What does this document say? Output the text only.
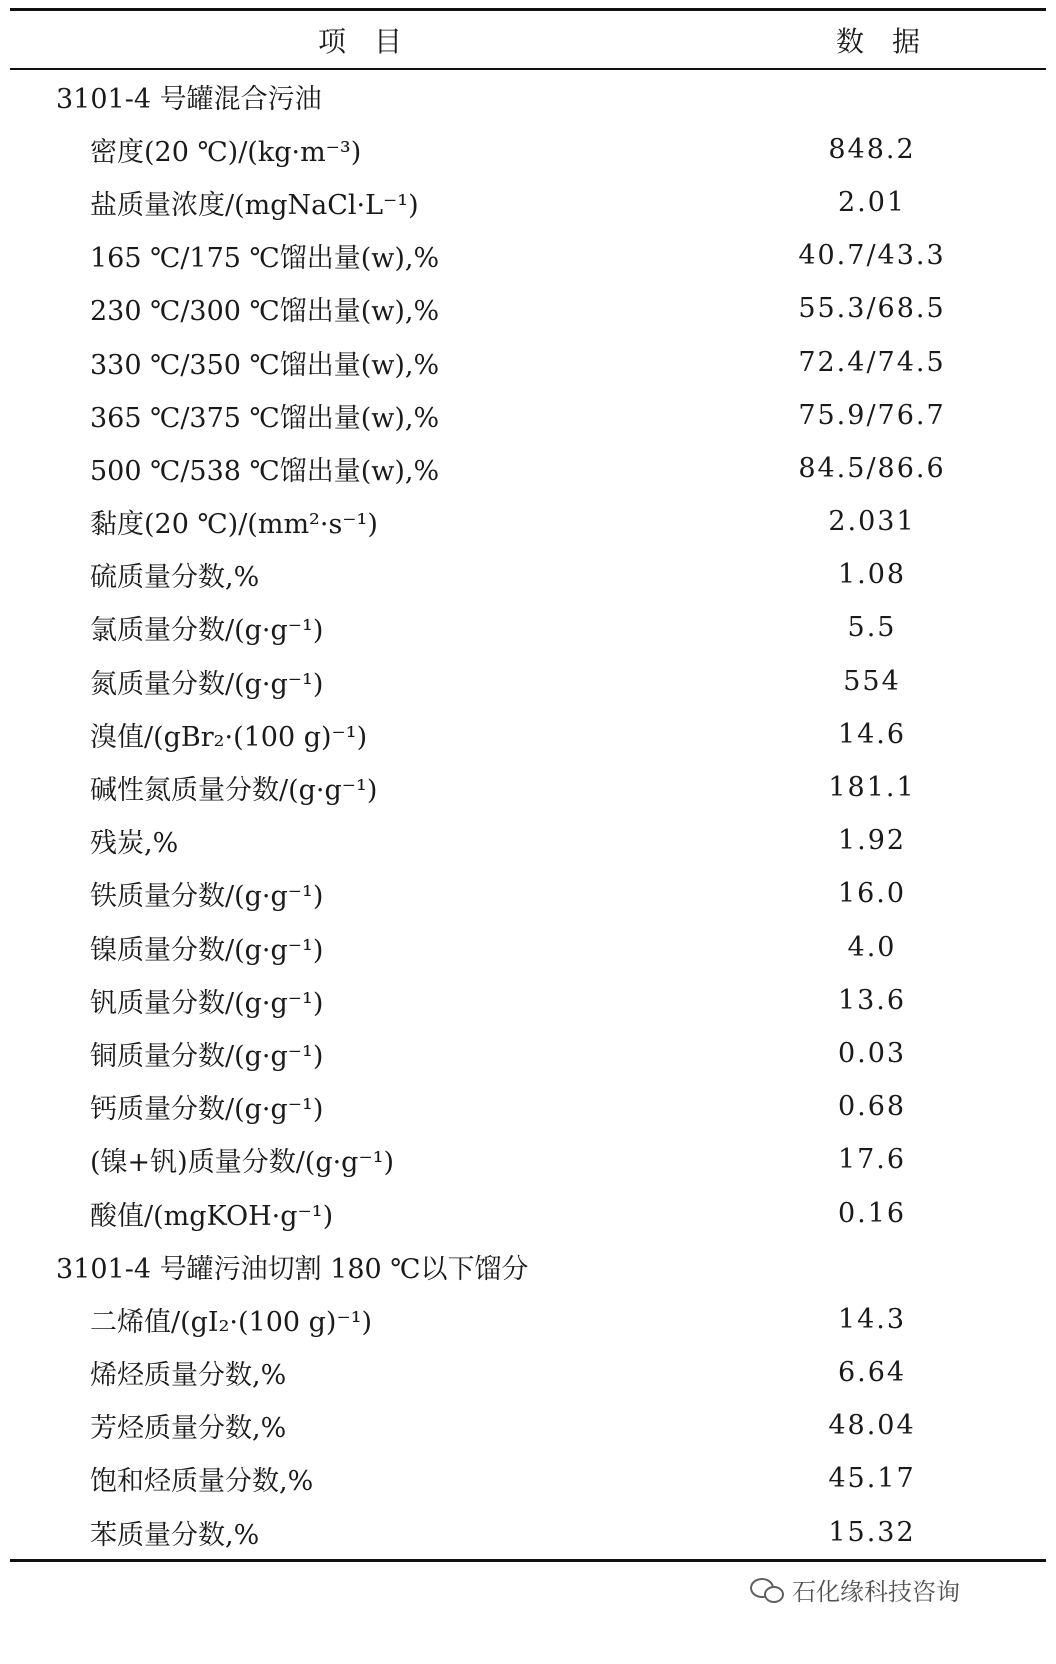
项目	数据
3101-4 号罐混合污油
密度(20 ℃)/(kg·m⁻³)	848.2
盐质量浓度/(mgNaCl·L⁻¹)	2.01
165 ℃/175 ℃馏出量(w),%	40.7/43.3
230 ℃/300 ℃馏出量(w),%	55.3/68.5
330 ℃/350 ℃馏出量(w),%	72.4/74.5
365 ℃/375 ℃馏出量(w),%	75.9/76.7
500 ℃/538 ℃馏出量(w),%	84.5/86.6
黏度(20 ℃)/(mm²·s⁻¹)	2.031
硫质量分数,%	1.08
氯质量分数/(g·g⁻¹)	5.5
氮质量分数/(g·g⁻¹)	554
溴值/(gBr₂·(100 g)⁻¹)	14.6
碱性氮质量分数/(g·g⁻¹)	181.1
残炭,%	1.92
铁质量分数/(g·g⁻¹)	16.0
镍质量分数/(g·g⁻¹)	4.0
钒质量分数/(g·g⁻¹)	13.6
铜质量分数/(g·g⁻¹)	0.03
钙质量分数/(g·g⁻¹)	0.68
(镍+钒)质量分数/(g·g⁻¹)	17.6
酸值/(mgKOH·g⁻¹)	0.16
3101-4 号罐污油切割 180 ℃以下馏分
二烯值/(gI₂·(100 g)⁻¹)	14.3
烯烃质量分数,%	6.64
芳烃质量分数,%	48.04
饱和烃质量分数,%	45.17
苯质量分数,%	15.32
石化缘科技咨询
